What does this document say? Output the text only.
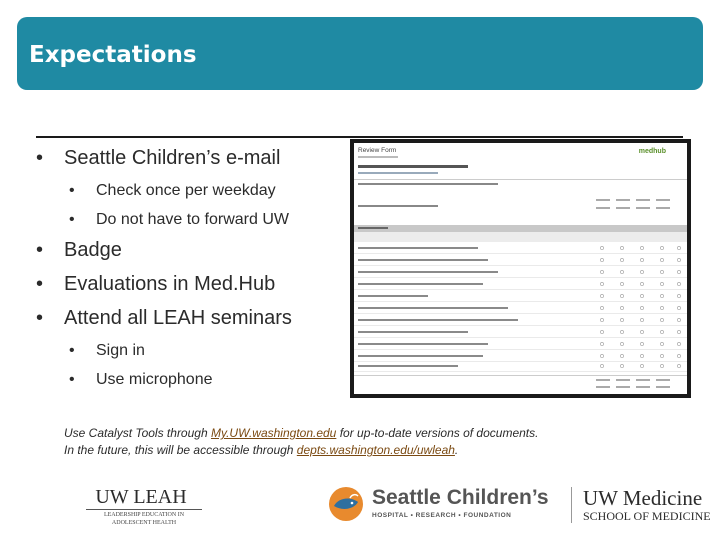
Expectations
• Seattle Children’s e-mail
• Check once per weekday
• Do not have to forward UW
• Badge
• Evaluations in Med.Hub
• Attend all LEAH seminars
• Sign in
• Use microphone
Review Form	medhub
Use Catalyst Tools through My.UW.washington.edu for up-to-date versions of documents.
In the future, this will be accessible through depts.washington.edu/uwleah.
UW LEAH
LEADERSHIP EDUCATION IN
ADOLESCENT HEALTH
Seattle Children’s
HOSPITAL • RESEARCH • FOUNDATION
UW Medicine
SCHOOL OF MEDICINE
